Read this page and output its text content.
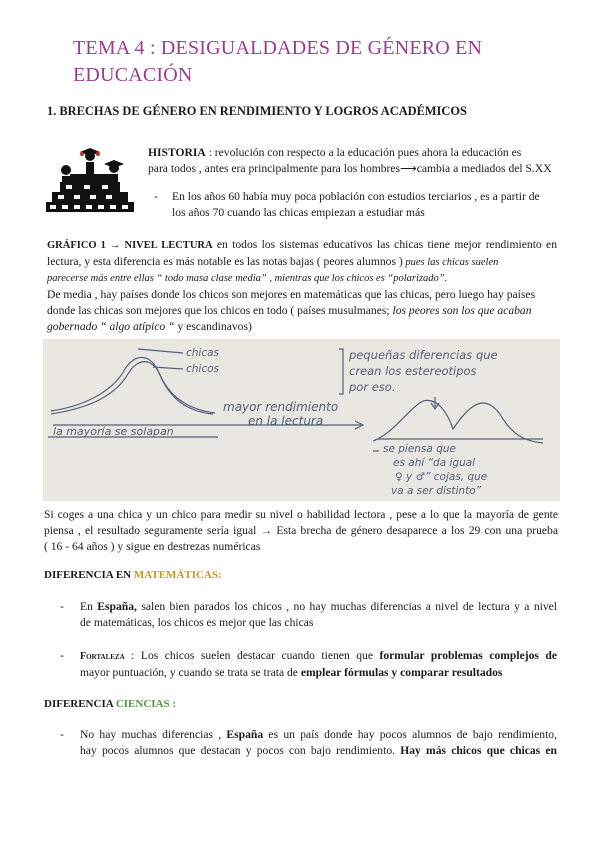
TEMA 4 : DESIGUALDADES DE GÉNERO EN EDUCACIÓN
1. BRECHAS DE GÉNERO EN RENDIMIENTO Y LOGROS ACADÉMICOS
HISTORIA : revolución con respecto a la educación pues ahora la educación es
para todos , antes era principalmente para los hombres⟶cambia a mediados del S.XX
- En los años 60 había muy poca población con estudios terciarios , es a partir de
los años 70 cuando las chicas empiezan a estudiar más
GRÁFICO 1 → NIVEL LECTURA en todos los sistemas educativos las chicas tiene mejor rendimiento en
lectura, y esta diferencia es más notable es las notas bajas ( peores alumnos ) pues las chicas suelen
parecerse más entre ellas “ todo masa clase media” , mientras que los chicos es “polarizado”.
De media , hay países donde los chicos son mejores en matemáticas que las chicas, pero luego hay países
donde las chicas son mejores que los chicos en todo ( países musulmanes; los peores son los que acaban
gobernado “ algo atípico “ y escandinavos)
chicas
chicos
mayor rendimiento
en la lectura
la mayoría se solapan
pequeñas diferencias que
crean los estereotipos
por eso.
se piensa que
es ahí “da igual
♀ y ♂” cojas, que
va a ser distinto”
Si coges a una chica y un chico para medir su nivel o habilidad lectora , pese a lo que la mayoría de gente
piensa , el resultado seguramente sería igual → Esta brecha de género desaparece a los 29 con una prueba
( 16 - 64 años ) y sigue en destrezas numéricas
DIFERENCIA EN MATEMÁTICAS:
- En España, salen bien parados los chicos , no hay muchas diferencias a nivel de lectura y a nivel
de matemáticas, los chicos es mejor que las chicas
- Fortaleza : Los chicos suelen destacar cuando tienen que formular problemas complejos de
mayor puntuación, y cuando se trata se trata de emplear fórmulas y comparar resultados
DIFERENCIA CIENCIAS :
- No hay muchas diferencias , España es un país donde hay pocos alumnos de bajo rendimiento,
hay pocos alumnos que destacan y pocos con bajo rendimiento. Hay más chicos que chicas en
